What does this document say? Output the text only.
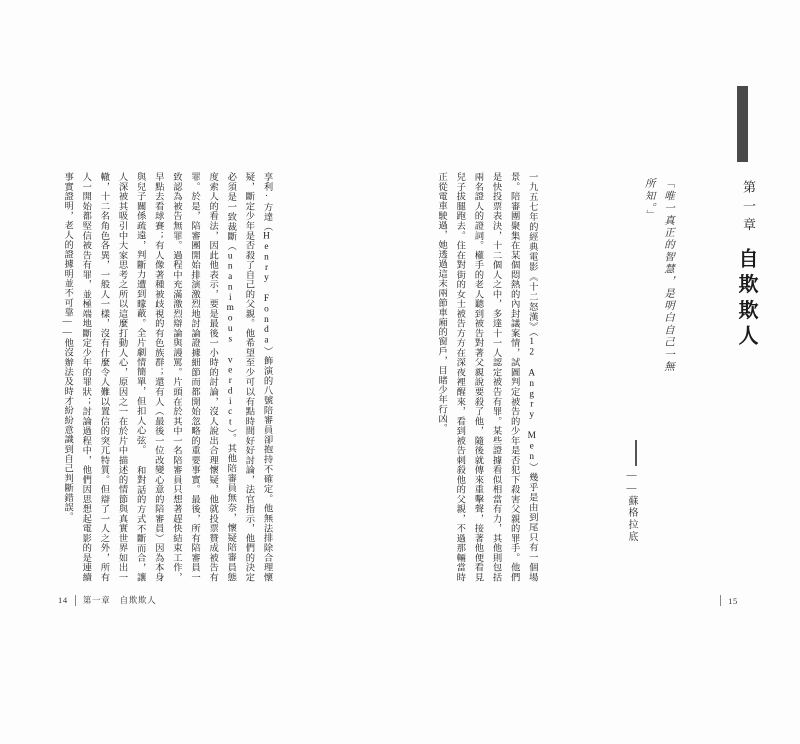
享利·方達（Henry Fonda）飾演的八號陪審員卻抱持不確定。他無法排除合理懷疑，斷定少年是否殺了自己的父親。他希望至少可以有點時間好好討論，法官指示，他們的決定必須是一致裁斷（unanimous verdict）。其他陪審員無奈，懷疑陪審員態度索人的看法，因此他表示，要是最後一小時的討論，沒人說出合理懷疑，他就投票贊成被告有罪。於是，陪審團開始排演激烈地討論證據細節而都開始忽略的重要事實。最後，所有陪審員一致認為被告無罪。過程中充滿激烈辯論與謾罵。片頭在於其中一名陪審員只想著趕快結束工作，早點去看球賽；有人像著種被歧視的有色族群；還有人（最後一位改變心意的陪審員）因為本身與兒子關係疏遠，判斷力遭到矇蔽。全片劇情簡單，但扣人心弦。 和對話的方式不斷而合，讓人深被其吸引中大家思考之所以這麼打動人心，原因之一在於片中描述的情節與真實世界如出一轍，十二名角色各異，一般人一樣，沒有什麼令人難以置信的突兀特質。但辯了一人之外，所有人一開始都堅信被告有罪，並極端地斷定少年的罪狀；討論過程中，他們因思想起電影的是連續事實證明，老人的證據明並不可靠——他沒辦法及時才紛紛意識到自己判斷錯誤。
14 第一章　自欺欺人
第一章
自欺欺人
「唯一真正的智慧，是明白自己一無所知。」
——蘇格拉底
一九五七年的經典電影《十二怒漢》（12 Angry Men）幾乎是由到尾只有一個場景。陪審團聚集在某個悶熱的內封議案情，試圖判定被告的少年是否犯下殺害父親的罪手。他們是快投票表決，十二個人之中，多達十一人認定被告有罪。某些證據看似相當有力，其他則包括兩名證人的證詞。權手的老人聽到被告對著父親說要殺了他，隨後就傳來重擊聲，接著他便看見兒子拔腿跑去。住在對街的女士被告方方在深夜裡醒來，看到被告刺殺他的父親，不過那輛當時正從電車駛過，她透過這末兩節車廂的窗戶，目睹少年行凶。
15
